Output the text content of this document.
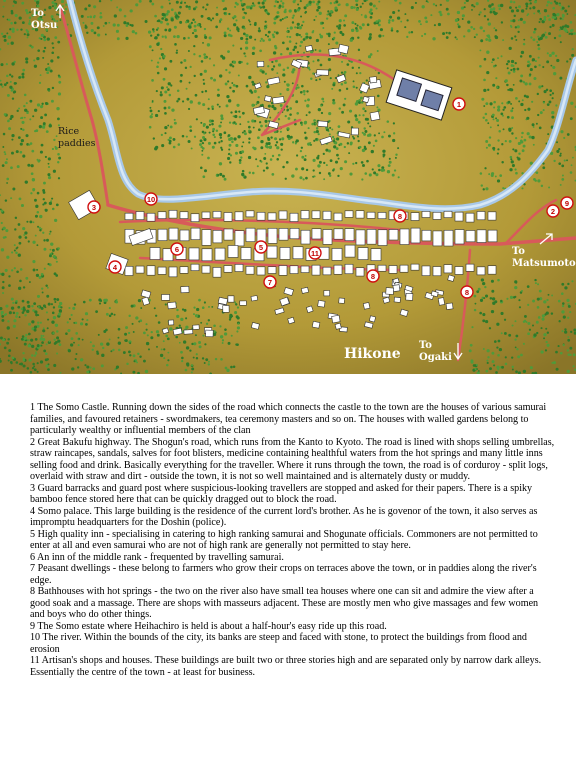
1
2
3
4
5
6
7
8
8
8
9
10
11
To
Otsu
Rice
paddies
To
Matsumoto
To
Ogaki
Hikone

1 The Somo Castle. Running down the sides of the road which connects the castle to the town are the houses of various samurai families, and favoured retainers - swordmakers, tea ceremony masters and so on. The houses with walled gardens belong to particularly wealthy or influential members of the clan

2 Great Bakufu highway. The Shogun's road, which runs from the Kanto to Kyoto. The road is lined with shops selling umbrellas, straw raincapes, sandals, salves for foot blisters, medicine containing healthful waters from the hot springs and many little inns selling food and drink. Basically everything for the traveller. Where it runs through the town, the road is of corduroy - split logs, overlaid with straw and dirt - outside the town, it is not so well maintained and is alternately dusty or muddy.

3 Guard barracks and guard post where suspicious-looking travellers are stopped and asked for their papers. There is a spiky bamboo fence stored here that can be quickly dragged out to block the road.

4 Somo palace. This large building is the residence of the current lord's brother. As he is govenor of the town, it also serves as impromptu headquarters for the Doshin (police).

5 High quality inn - specialising in catering to high ranking samurai and Shogunate officials. Commoners are not permitted to enter at all and even samurai who are not of high rank are generally not permitted to stay here.

6 An inn of the middle rank - frequented by travelling samurai.

7 Peasant dwellings - these belong to farmers who grow their crops on terraces above the town, or in paddies along the river's edge.

8 Bathhouses with hot springs - the two on the river also have small tea houses where one can sit and admire the view after a good soak and a massage. There are shops with masseurs adjacent. These are mostly men who give massages and few women and boys who do other things.

9 The Somo estate where Heihachiro is held is about a half-hour's easy ride up this road.

10 The river. Within the bounds of the city, its banks are steep and faced with stone, to protect the buildings from flood and erosion

11 Artisan's shops and houses. These buildings are built two or three stories high and are separated only by narrow dark alleys. Essentially the centre of the town - at least for business.
